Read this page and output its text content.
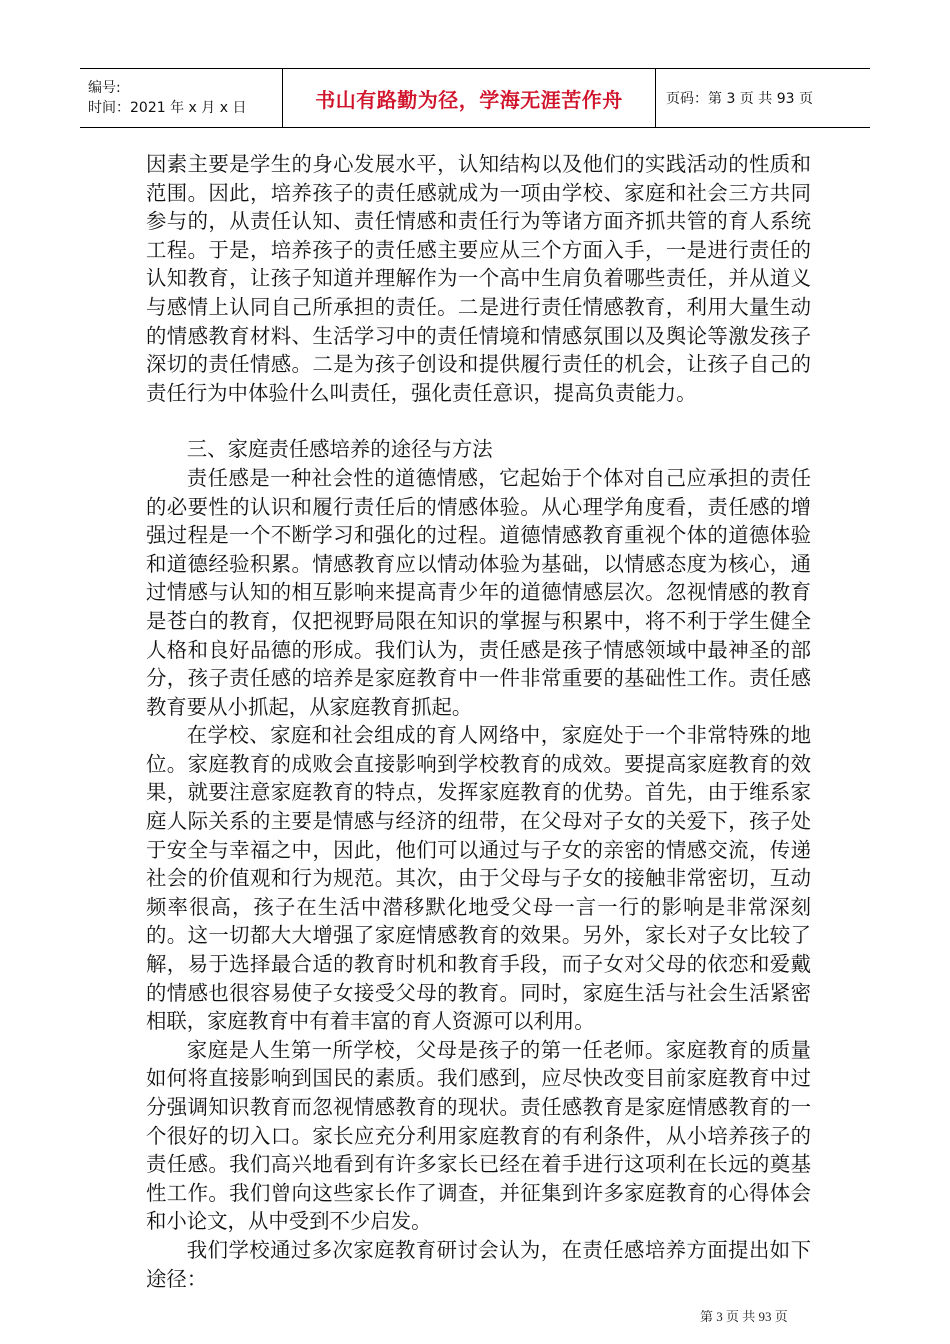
编号:
时间：2021 年 x 月 x 日	书山有路勤为径，学海无涯苦作舟	页码：第 3 页 共 93 页

因素主要是学生的身心发展水平，认知结构以及他们的实践活动的性质和范围。因此，培养孩子的责任感就成为一项由学校、家庭和社会三方共同参与的，从责任认知、责任情感和责任行为等诸方面齐抓共管的育人系统工程。于是，培养孩子的责任感主要应从三个方面入手，一是进行责任的认知教育，让孩子知道并理解作为一个高中生肩负着哪些责任，并从道义与感情上认同自己所承担的责任。二是进行责任情感教育，利用大量生动的情感教育材料、生活学习中的责任情境和情感氛围以及舆论等激发孩子深切的责任情感。二是为孩子创设和提供履行责任的机会，让孩子自己的责任行为中体验什么叫责任，强化责任意识，提高负责能力。

三、家庭责任感培养的途径与方法

责任感是一种社会性的道德情感，它起始于个体对自己应承担的责任的必要性的认识和履行责任后的情感体验。从心理学角度看，责任感的增强过程是一个不断学习和强化的过程。道德情感教育重视个体的道德体验和道德经验积累。情感教育应以情动体验为基础，以情感态度为核心，通过情感与认知的相互影响来提高青少年的道德情感层次。忽视情感的教育是苍白的教育，仅把视野局限在知识的掌握与积累中，将不利于学生健全人格和良好品德的形成。我们认为，责任感是孩子情感领域中最神圣的部分，孩子责任感的培养是家庭教育中一件非常重要的基础性工作。责任感教育要从小抓起，从家庭教育抓起。

在学校、家庭和社会组成的育人网络中，家庭处于一个非常特殊的地位。家庭教育的成败会直接影响到学校教育的成效。要提高家庭教育的效果，就要注意家庭教育的特点，发挥家庭教育的优势。首先，由于维系家庭人际关系的主要是情感与经济的纽带，在父母对子女的关爱下，孩子处于安全与幸福之中，因此，他们可以通过与子女的亲密的情感交流，传递社会的价值观和行为规范。其次，由于父母与子女的接触非常密切，互动频率很高，孩子在生活中潜移默化地受父母一言一行的影响是非常深刻的。这一切都大大增强了家庭情感教育的效果。另外，家长对子女比较了解，易于选择最合适的教育时机和教育手段，而子女对父母的依恋和爱戴的情感也很容易使子女接受父母的教育。同时，家庭生活与社会生活紧密相联，家庭教育中有着丰富的育人资源可以利用。

家庭是人生第一所学校，父母是孩子的第一任老师。家庭教育的质量如何将直接影响到国民的素质。我们感到，应尽快改变目前家庭教育中过分强调知识教育而忽视情感教育的现状。责任感教育是家庭情感教育的一个很好的切入口。家长应充分利用家庭教育的有利条件，从小培养孩子的责任感。我们高兴地看到有许多家长已经在着手进行这项利在长远的奠基性工作。我们曾向这些家长作了调查，并征集到许多家庭教育的心得体会和小论文，从中受到不少启发。

我们学校通过多次家庭教育研讨会认为，在责任感培养方面提出如下途径：

第 3 页 共 93 页
